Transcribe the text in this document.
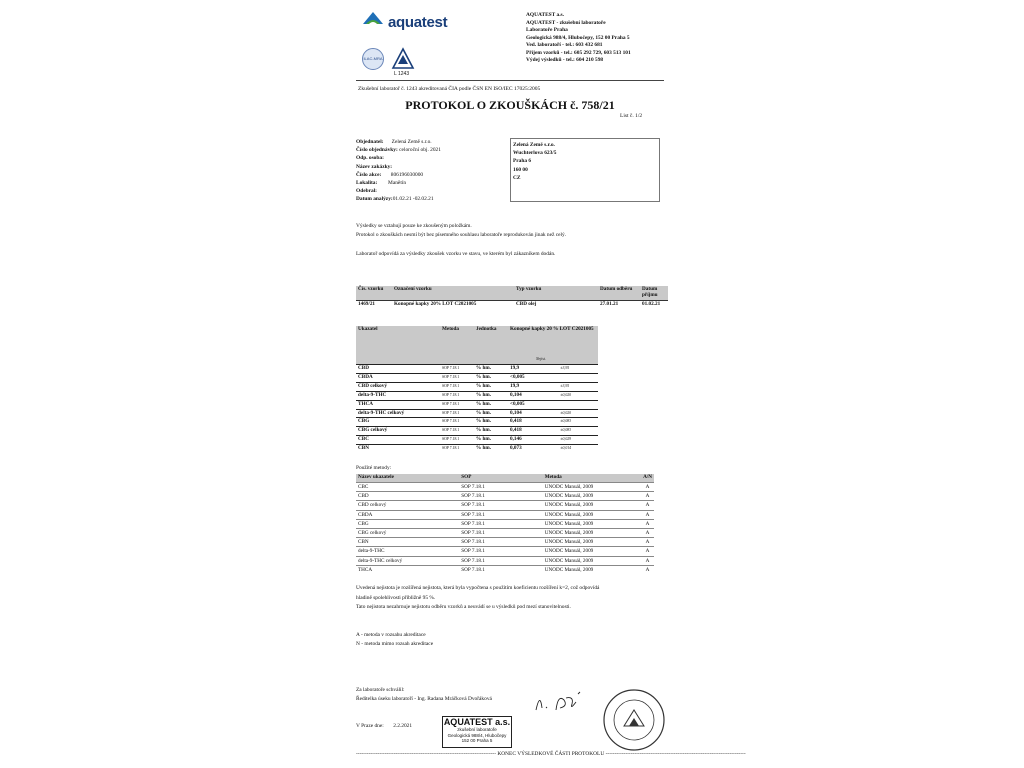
aquatest
ILAC-MRA
L 1243
AQUATEST a.s.
AQUATEST - zkušební laboratoře
Laboratoře Praha
Geologická 988/4, Hlubočepy, 152 00 Praha 5
Ved. laboratoří - tel.: 603 432 681
Příjem vzorků - tel.: 605 292 729, 603 513 101
Výdej výsledků - tel.: 604 210 598
Zkušební laboratoř č. 1243 akreditovaná ČIA podle ČSN EN ISO/IEC 17025:2005
PROTOKOL O ZKOUŠKÁCH č. 758/21
List č. 1/2
Objednatel: Zelená Země s.r.o.
Číslo objednávky: celoroční obj. 2021
Odp. osoba:
Název zakázky:
Číslo akce: 806196030000
Lokalita: Manětín
Odebral:
Datum analýzy:01.02.21 -02.02.21
Zelená Země s.r.o.
Wuchterlova 623/5
Praha 6
160 00
CZ
Výsledky se vztahují pouze ke zkoušeným položkám.
Protokol o zkouškách nesmí být bez písemného souhlasu laboratoře reprodukován jinak než celý.
Laboratoř odpovídá za výsledky zkoušek vzorku ve stavu, ve kterém byl zákazníkem dodán.
Čís. vzorku	Označení vzorku	Typ vzorku	Datum odběru	Datum příjmu
1469/21	Konopné kapky 20% LOT C2021005	CBD olej	27.01.21	01.02.21
Ukazatel	Metoda	Jednotka	Konopné kapky 20 % LOT C2021005	
CBD	SOP 7.18.1	% hm.	19,9	±3,95
CBDA	SOP 7.18.1	% hm.	<0,005	
CBD celkový	SOP 7.18.1	% hm.	19,9	±3,95
delta-9-THC	SOP 7.18.1	% hm.	0,104	±0,020
THCA	SOP 7.18.1	% hm.	<0,005	
delta-9-THC celkový	SOP 7.18.1	% hm.	0,104	±0,020
CBG	SOP 7.18.1	% hm.	0,418	±0,083
CBG celkový	SOP 7.18.1	% hm.	0,418	±0,083
CBC	SOP 7.18.1	% hm.	0,146	±0,029
CBN	SOP 7.18.1	% hm.	0,073	±0,014
Nejist.
Použité metody:
Název ukazatele	SOP	Metoda	A/N
CBC	SOP 7.18.1	UNODC Manuál, 2009	A
CBD	SOP 7.18.1	UNODC Manuál, 2009	A
CBD celkový	SOP 7.18.1	UNODC Manuál, 2009	A
CBDA	SOP 7.18.1	UNODC Manuál, 2009	A
CBG	SOP 7.18.1	UNODC Manuál, 2009	A
CBG celkový	SOP 7.18.1	UNODC Manuál, 2009	A
CBN	SOP 7.18.1	UNODC Manuál, 2009	A
delta-9-THC	SOP 7.18.1	UNODC Manuál, 2009	A
delta-9-THC celkový	SOP 7.18.1	UNODC Manuál, 2009	A
THCA	SOP 7.18.1	UNODC Manuál, 2009	A
Uvedená nejistota je rozšířená nejistota, která byla vypočtena s použitím koeficientu rozšíření k=2, což odpovídá
hladině spolehlivosti přibližně 95 %.
Tato nejistota nezahrnuje nejistotu odběru vzorků a neuvádí se u výsledků pod mezí stanovitelnosti.
A - metoda v rozsahu akreditace
N - metoda mimo rozsah akreditace
Za laboratoře schválil:
Ředitelka úseku laboratoří - Ing. Radana Mráčková Dvořáková
V Praze dne: 2.2.2021	AQUATEST a.s.
zkušební laboratoře
Geologická 988/4, Hlubočepy
152 00 Praha 5
------------------------------------------------------------------------------ KONEC VÝSLEDKOVÉ ČÁSTI PROTOKOLU ------------------------------------------------------------------------------
